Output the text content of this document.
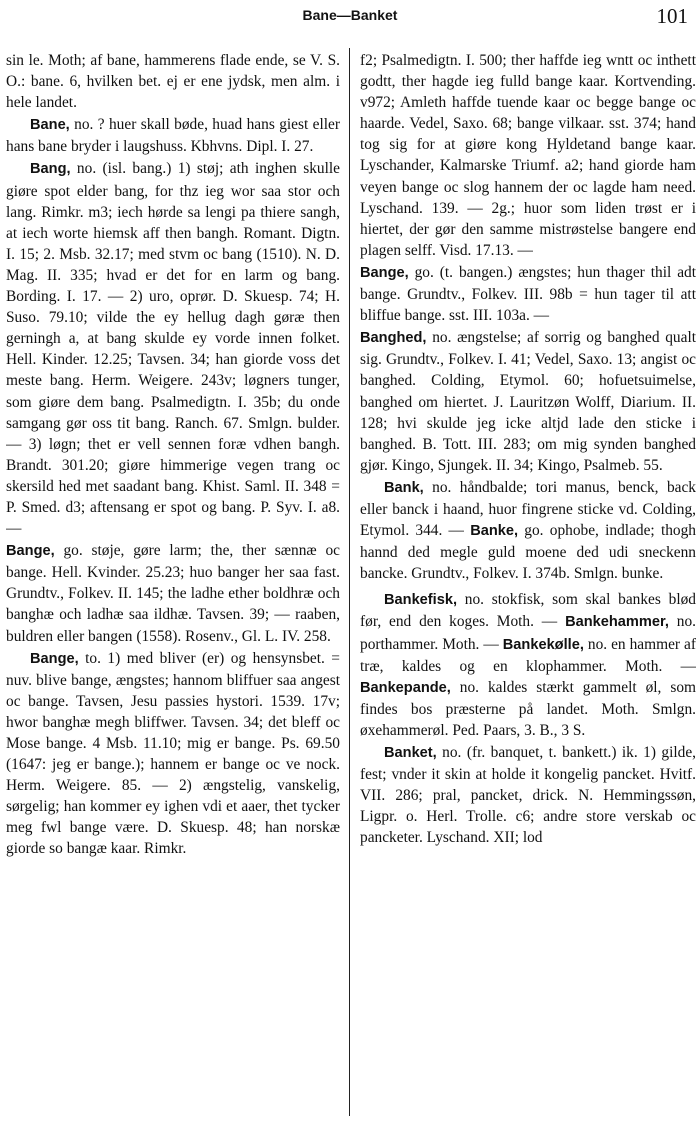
Bane—Banket	101

sin le. Moth; af bane, hammerens flade ende, se V. S. O.: bane. 6, hvilken bet. ej er ene jydsk, men alm. i hele landet.

Bane, no. ? huer skall bøde, huad hans giest eller hans bane bryder i laugshuss. Kbhvns. Dipl. I. 27.

Bang, no. (isl. bang.) 1) støj; ath inghen skulle giøre spot elder bang, for thz ieg wor saa stor och lang. Rimkr. m3; iech hørde sa lengi pa thiere sangh, at iech worte hiemsk aff then bangh. Romant. Digtn. I. 15; 2. Msb. 32.17; med stvm oc bang (1510). N. D. Mag. II. 335; hvad er det for en larm og bang. Bording. I. 17. — 2) uro, oprør. D. Skuesp. 74; H. Suso. 79.10; vilde the ey hellug dagh gøræ then gerningh a, at bang skulde ey vorde innen folket. Hell. Kinder. 12.25; Tavsen. 34; han giorde voss det meste bang. Herm. Weigere. 243v; løgners tunger, som giøre dem bang. Psalmedigtn. I. 35b; du onde samgang gør oss tit bang. Ranch. 67. Smlgn. bulder. — 3) løgn; thet er vell sennen foræ vdhen bangh. Brandt. 301.20; giøre himmerige vegen trang oc skersild hed met saadant bang. Khist. Saml. II. 348 = P. Smed. d3; aftensang er spot og bang. P. Syv. I. a8. —

Bange, go. støje, gøre larm; the, ther sænnæ oc bange. Hell. Kvinder. 25.23; huo banger her saa fast. Grundtv., Folkev. II. 145; the ladhe ether boldhræ och banghæ och ladhæ saa ildhæ. Tavsen. 39; — raaben, buldren eller bangen (1558). Rosenv., Gl. L. IV. 258.

Bange, to. 1) med bliver (er) og hensynsbet. = nuv. blive bange, ængstes; hannom bliffuer saa angest oc bange. Tavsen, Jesu passies hystori. 1539. 17v; hwor banghæ megh bliffwer. Tavsen. 34; det bleff oc Mose bange. 4 Msb. 11.10; mig er bange. Ps. 69.50 (1647: jeg er bange.); hannem er bange oc ve nock. Herm. Weigere. 85. — 2) ængstelig, vanskelig, sørgelig; han kommer ey ighen vdi et aaer, thet tycker meg fwl bange være. D. Skuesp. 48; han norskæ giorde so bangæ kaar. Rimkr.

f2; Psalmedigtn. I. 500; ther haffde ieg wntt oc inthett godtt, ther hagde ieg fulld bange kaar. Kortvending. v972; Amleth haffde tuende kaar oc begge bange oc haarde. Vedel, Saxo. 68; bange vilkaar. sst. 374; hand tog sig for at giøre kong Hyldetand bange kaar. Lyschander, Kalmarske Triumf. a2; hand giorde ham veyen bange oc slog hannem der oc lagde ham need. Lyschand. 139. — 2g.; huor som liden trøst er i hiertet, der gør den samme mistrøstelse bangere end plagen selff. Visd. 17.13. —

Bange, go. (t. bangen.) ængstes; hun thager thil adt bange. Grundtv., Folkev. III. 98b = hun tager til att bliffue bange. sst. III. 103a. —

Banghed, no. ængstelse; af sorrig og banghed qualt sig. Grundtv., Folkev. I. 41; Vedel, Saxo. 13; angist oc banghed. Colding, Etymol. 60; hofuetsuimelse, banghed om hiertet. J. Lauritzøn Wolff, Diarium. II. 128; hvi skulde jeg icke altjd lade den sticke i banghed. B. Tott. III. 283; om mig synden banghed gjør. Kingo, Sjungek. II. 34; Kingo, Psalmeb. 55.

Bank, no. håndbalde; tori manus, benck, back eller banck i haand, huor fingrene sticke vd. Colding, Etymol. 344. — Banke, go. ophobe, indlade; thogh hannd ded megle guld moene ded udi sneckenn bancke. Grundtv., Folkev. I. 374b. Smlgn. bunke.

Bankefisk, no. stokfisk, som skal bankes blød før, end den koges. Moth. — Bankehammer, no. porthammer. Moth. — Bankekølle, no. en hammer af træ, kaldes og en klophammer. Moth. — Bankepande, no. kaldes stærkt gammelt øl, som findes bos præsterne på landet. Moth. Smlgn. øxehammerøl. Ped. Paars, 3. B., 3 S.

Banket, no. (fr. banquet, t. bankett.) ik. 1) gilde, fest; vnder it skin at holde it kongelig pancket. Hvitf. VII. 286; pral, pancket, drick. N. Hemmingssøn, Ligpr. o. Herl. Trolle. c6; andre store verskab oc pancketer. Lyschand. XII; lod
